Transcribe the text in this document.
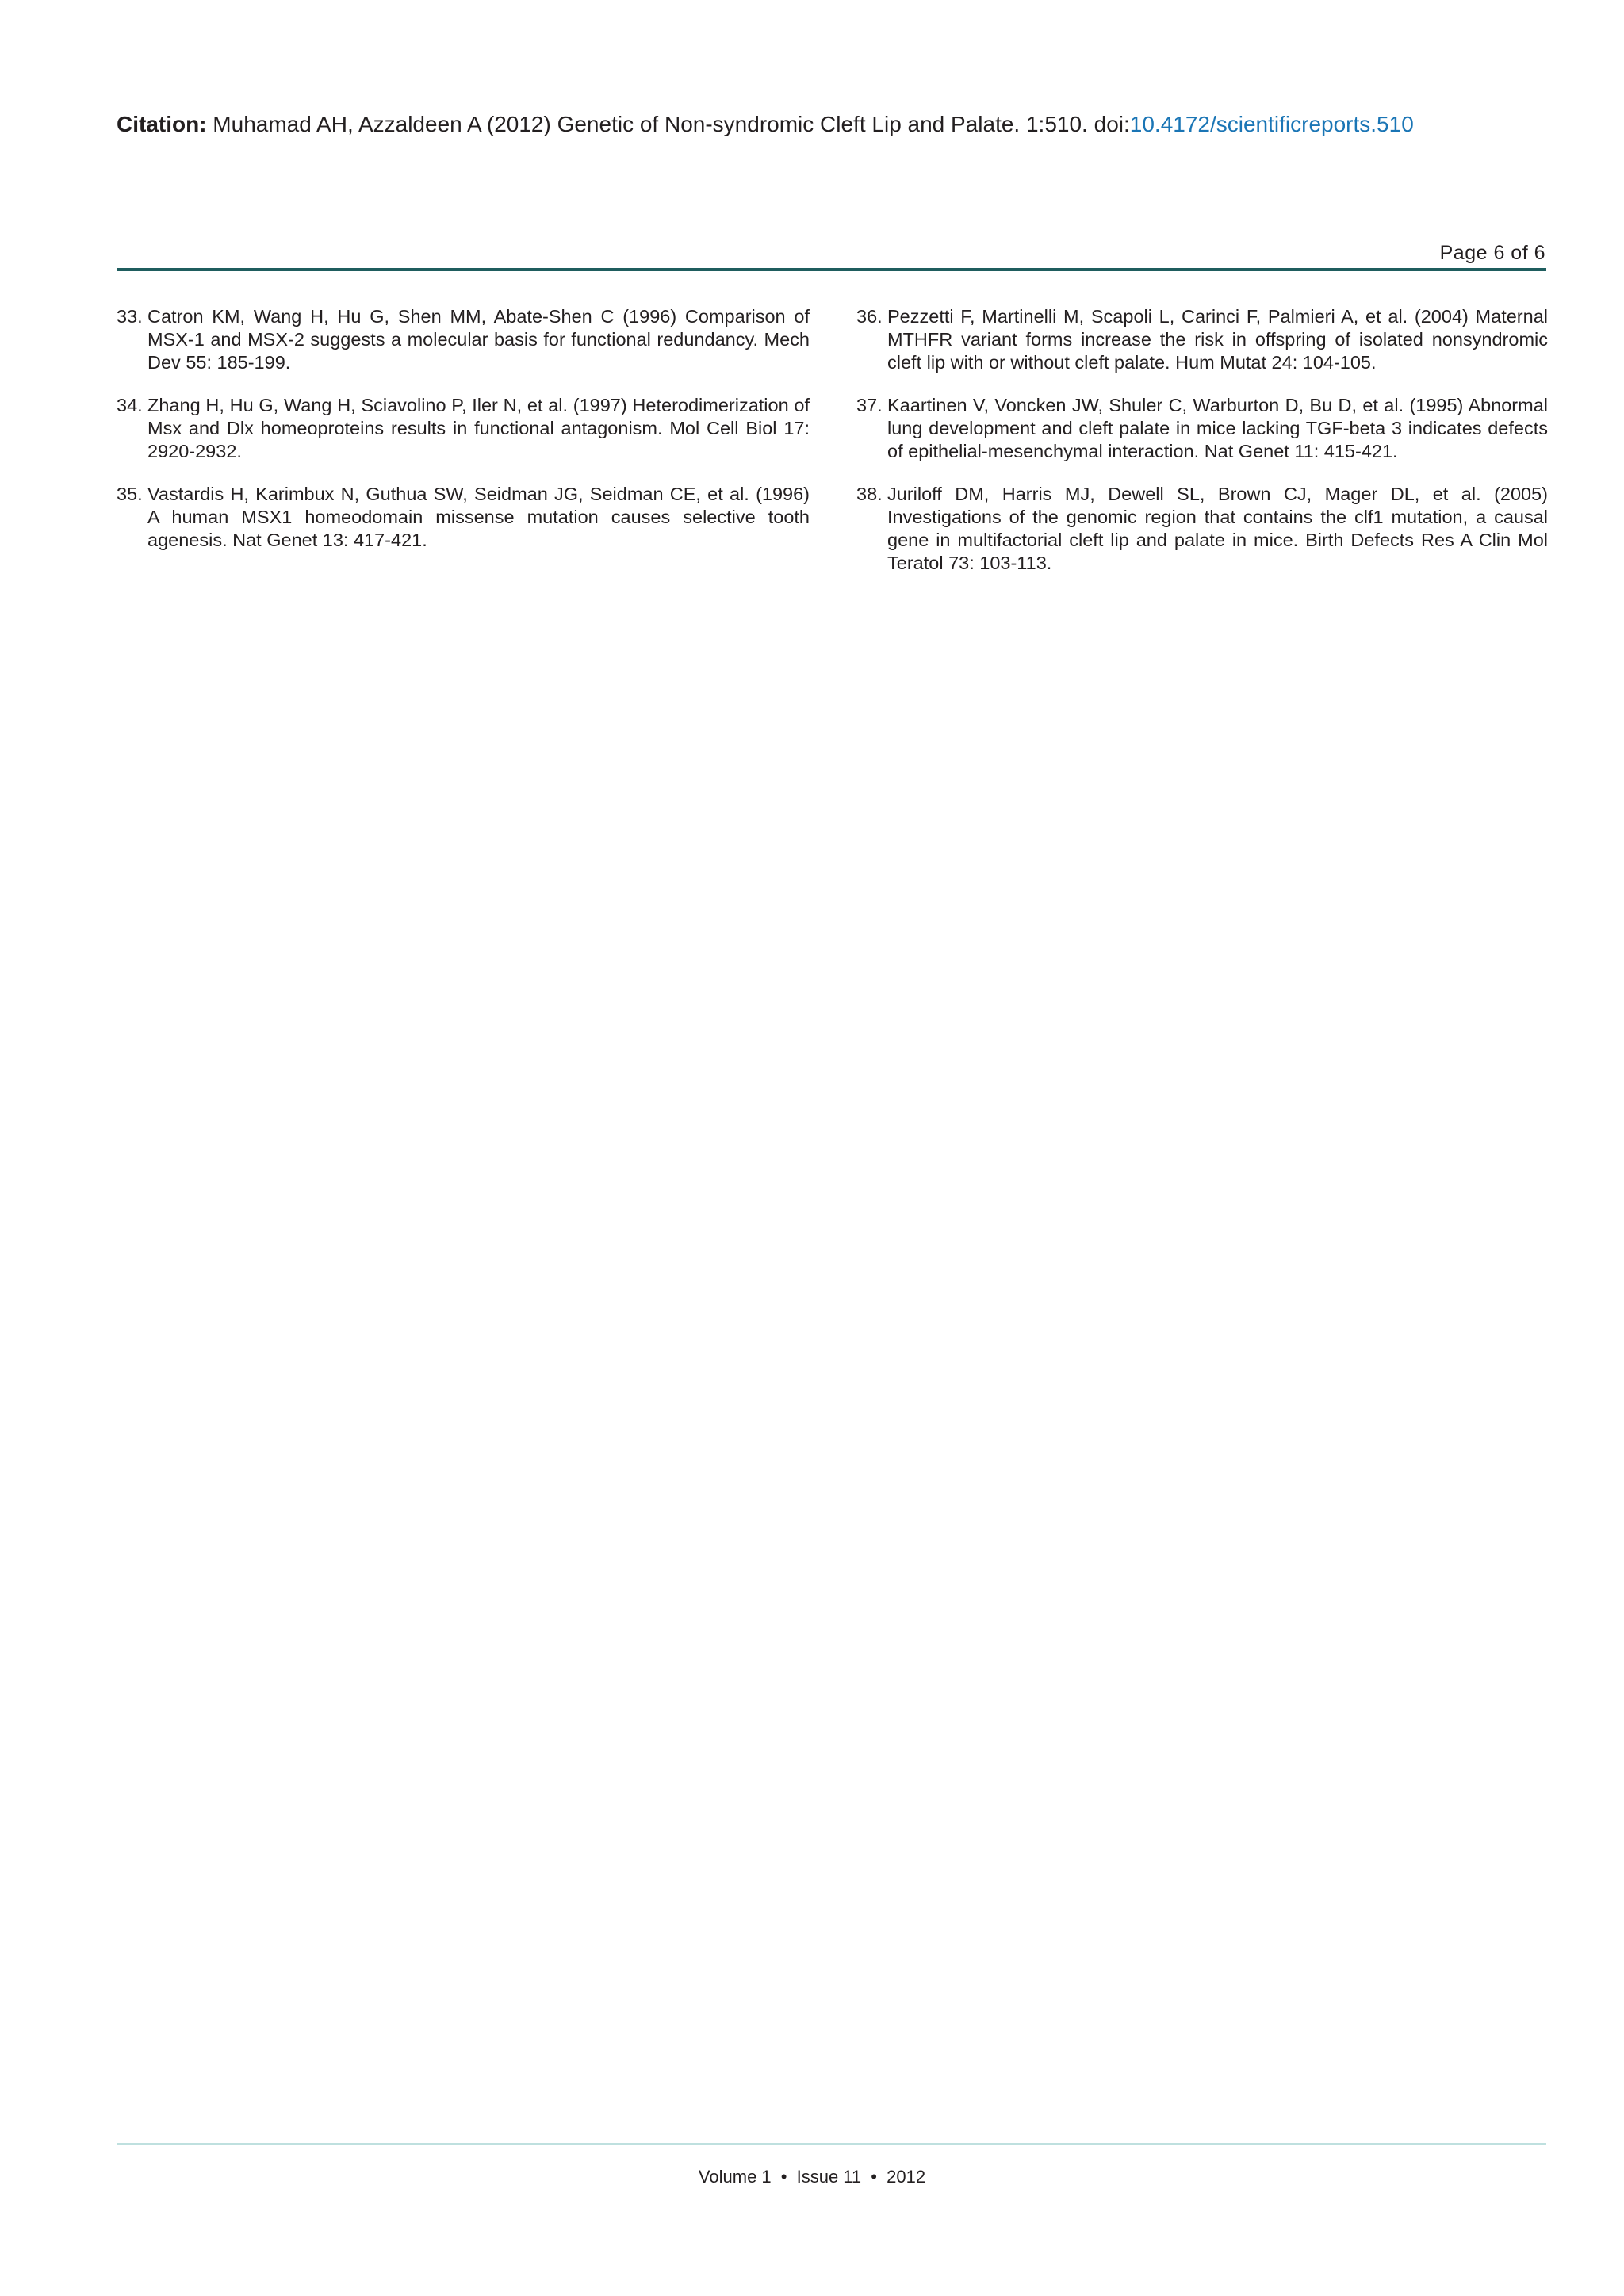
Citation: Muhamad AH, Azzaldeen A (2012) Genetic of Non-syndromic Cleft Lip and Palate. 1:510. doi:10.4172/scientificreports.510
Page 6 of 6
33. Catron KM, Wang H, Hu G, Shen MM, Abate-Shen C (1996) Comparison of MSX-1 and MSX-2 suggests a molecular basis for functional redundancy. Mech Dev 55: 185-199.
34. Zhang H, Hu G, Wang H, Sciavolino P, Iler N, et al. (1997) Heterodimerization of Msx and Dlx homeoproteins results in functional antagonism. Mol Cell Biol 17: 2920-2932.
35. Vastardis H, Karimbux N, Guthua SW, Seidman JG, Seidman CE, et al. (1996) A human MSX1 homeodomain missense mutation causes selective tooth agenesis. Nat Genet 13: 417-421.
36. Pezzetti F, Martinelli M, Scapoli L, Carinci F, Palmieri A, et al. (2004) Maternal MTHFR variant forms increase the risk in offspring of isolated nonsyndromic cleft lip with or without cleft palate. Hum Mutat 24: 104-105.
37. Kaartinen V, Voncken JW, Shuler C, Warburton D, Bu D, et al. (1995) Abnormal lung development and cleft palate in mice lacking TGF-beta 3 indicates defects of epithelial-mesenchymal interaction. Nat Genet 11: 415-421.
38. Juriloff DM, Harris MJ, Dewell SL, Brown CJ, Mager DL, et al. (2005) Investigations of the genomic region that contains the clf1 mutation, a causal gene in multifactorial cleft lip and palate in mice. Birth Defects Res A Clin Mol Teratol 73: 103-113.
Volume 1 • Issue 11 • 2012
